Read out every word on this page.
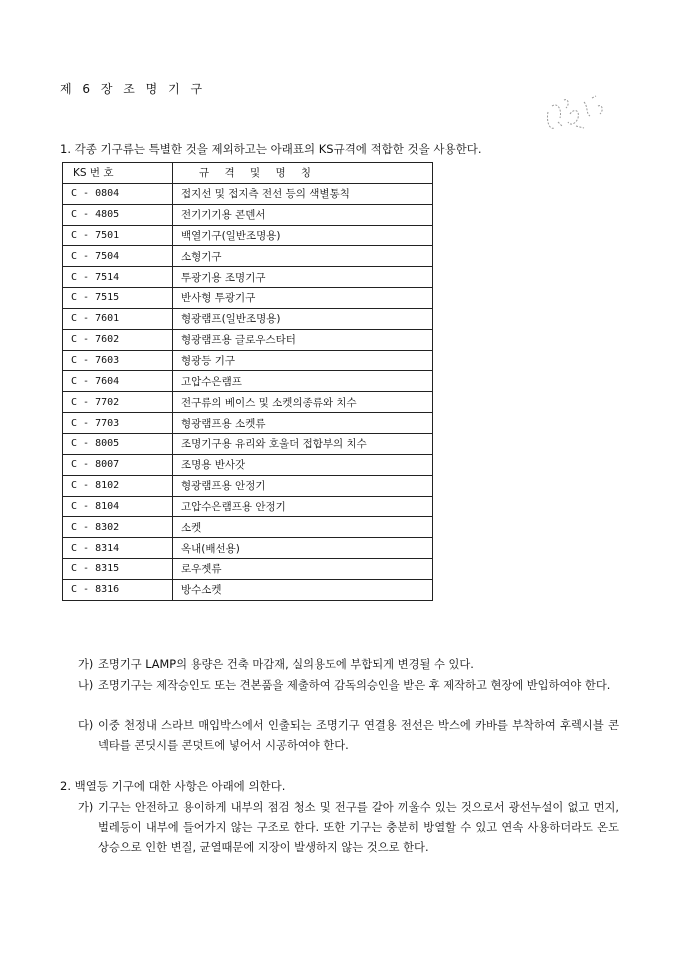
제 6 장 조 명 기 구
1. 각종 기구류는 특별한 것을 제외하고는 아래표의 KS규격에 적합한 것을 사용한다.
KS 번 호	규 격 및 명 칭
C - 0804	접지선 및 접지측 전선 등의 색별통칙
C - 4805	전기기기용 콘덴서
C - 7501	백열기구(일반조명용)
C - 7504	소형기구
C - 7514	투광기용 조명기구
C - 7515	반사형 투광기구
C - 7601	형광램프(일반조명용)
C - 7602	형광램프용 글로우스타터
C - 7603	형광등 기구
C - 7604	고압수은램프
C - 7702	전구류의 베이스 및 소켓의종류와 치수
C - 7703	형광램프용 소켓류
C - 8005	조명기구용 유리와 호울더 접합부의 치수
C - 8007	조명용 반사갓
C - 8102	형광램프용 안정기
C - 8104	고압수은램프용 안정기
C - 8302	소켓
C - 8314	옥내(배선용)
C - 8315	로우젯류
C - 8316	방수소켓
가) 조명기구 LAMP의 용량은 건축 마감재, 실의용도에 부합되게 변경될 수 있다.
나) 조명기구는 제작승인도 또는 견본품을 제출하여 감독의승인을 받은 후 제작하고 현장에 반입하여야 한다.
다) 이중 천정내 스라브 매입박스에서 인출되는 조명기구 연결용 전선은 박스에 카바를 부착하여 후렉시블 콘넥타를 콘딧시를 콘덧트에 넣어서 시공하여야 한다.
2. 백열등 기구에 대한 사항은 아래에 의한다.
가) 기구는 안전하고 용이하게 내부의 점검 청소 및 전구를 갈아 끼울수 있는 것으로서 광선누설이 없고 먼지, 벌레등이 내부에 들어가지 않는 구조로 한다. 또한 기구는 충분히 방열할 수 있고 연속 사용하더라도 온도 상승으로 인한 변질, 균열때문에 지장이 발생하지 않는 것으로 한다.
